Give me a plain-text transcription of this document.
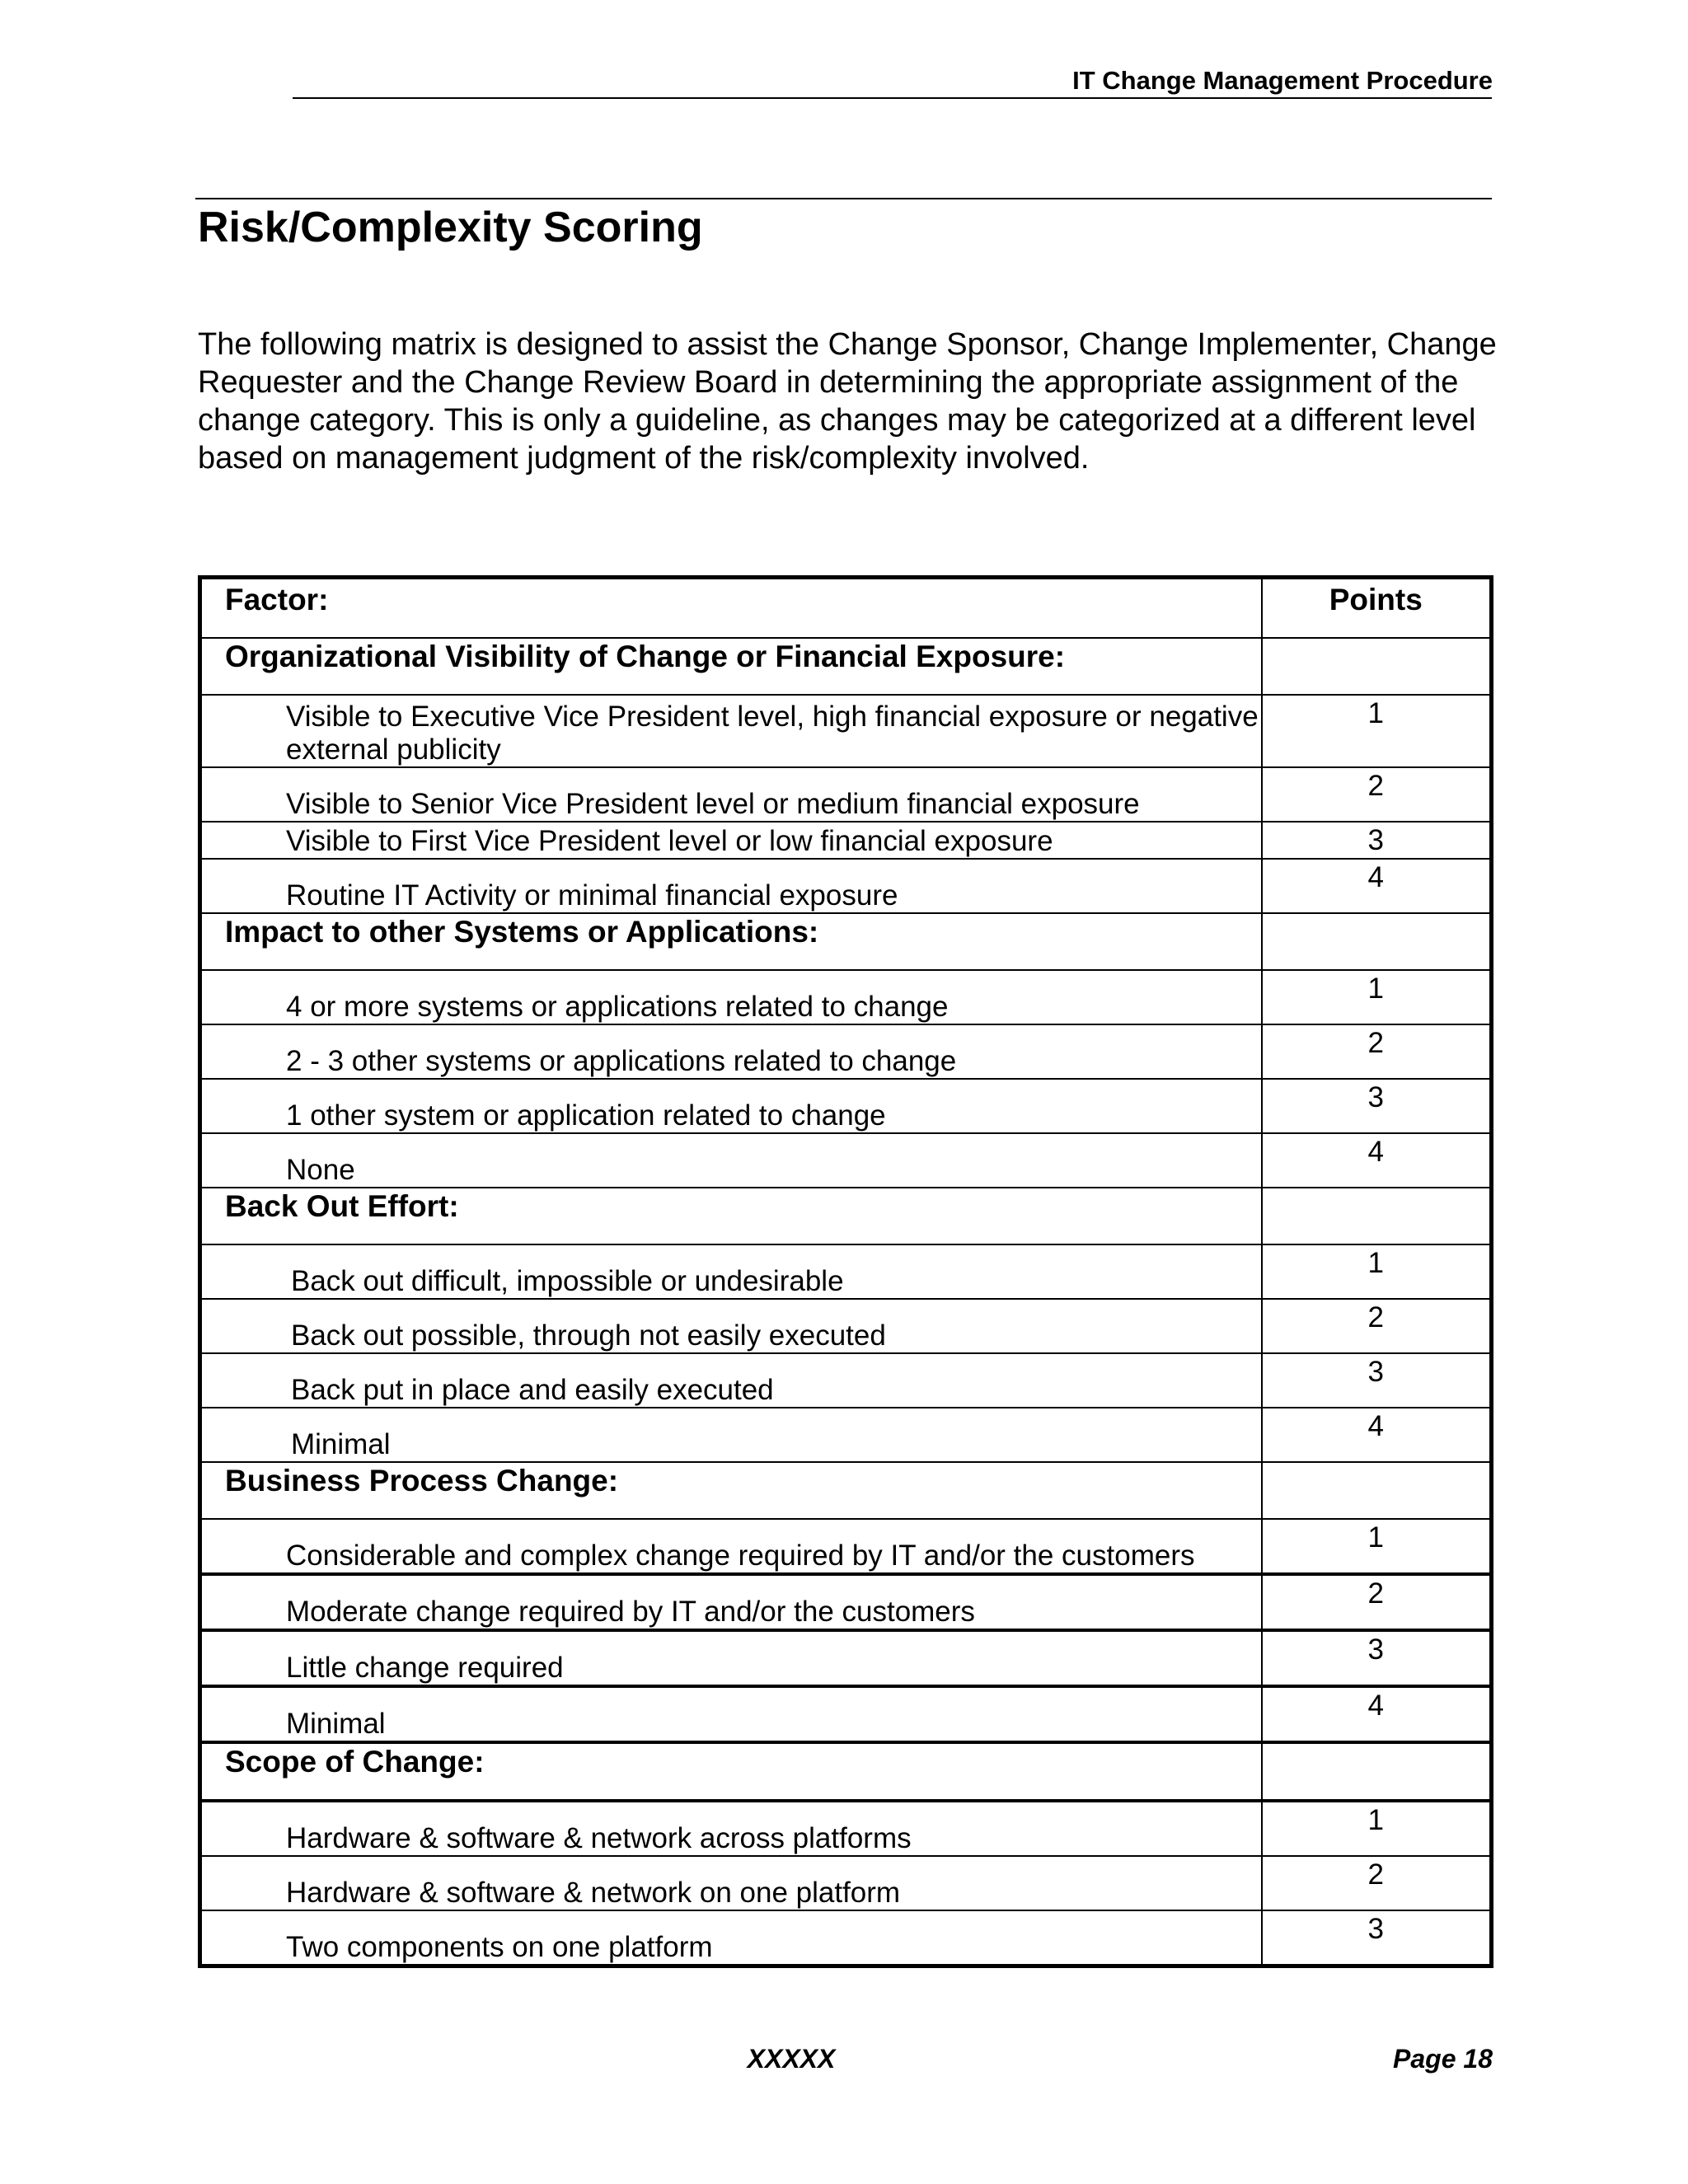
IT Change Management Procedure
Risk/Complexity Scoring

The following matrix is designed to assist the Change Sponsor, Change Implementer, Change Requester and the Change Review Board in determining the appropriate assignment of the change category. This is only a guideline, as changes may be categorized at a different level based on management judgment of the risk/complexity involved.

Factor:	Points
Organizational Visibility of Change or Financial Exposure:	
Visible to Executive Vice President level, high financial exposure or negative external publicity	1
Visible to Senior Vice President level or medium financial exposure	2
Visible to First Vice President level or low financial exposure	3
Routine IT Activity or minimal financial exposure	4
Impact to other Systems or Applications:	
4 or more systems or applications related to change	1
2 - 3 other systems or applications related to change	2
1 other system or application related to change	3
None	4
Back Out Effort:	
Back out difficult, impossible or undesirable	1
Back out possible, through not easily executed	2
Back put in place and easily executed	3
Minimal	4
Business Process Change:	
Considerable and complex change required by IT and/or the customers	1
Moderate change required by IT and/or the customers	2
Little change required	3
Minimal	4
Scope of Change:	
Hardware & software & network across platforms	1
Hardware & software & network on one platform	2
Two components on one platform	3
XXXXX	Page 18
